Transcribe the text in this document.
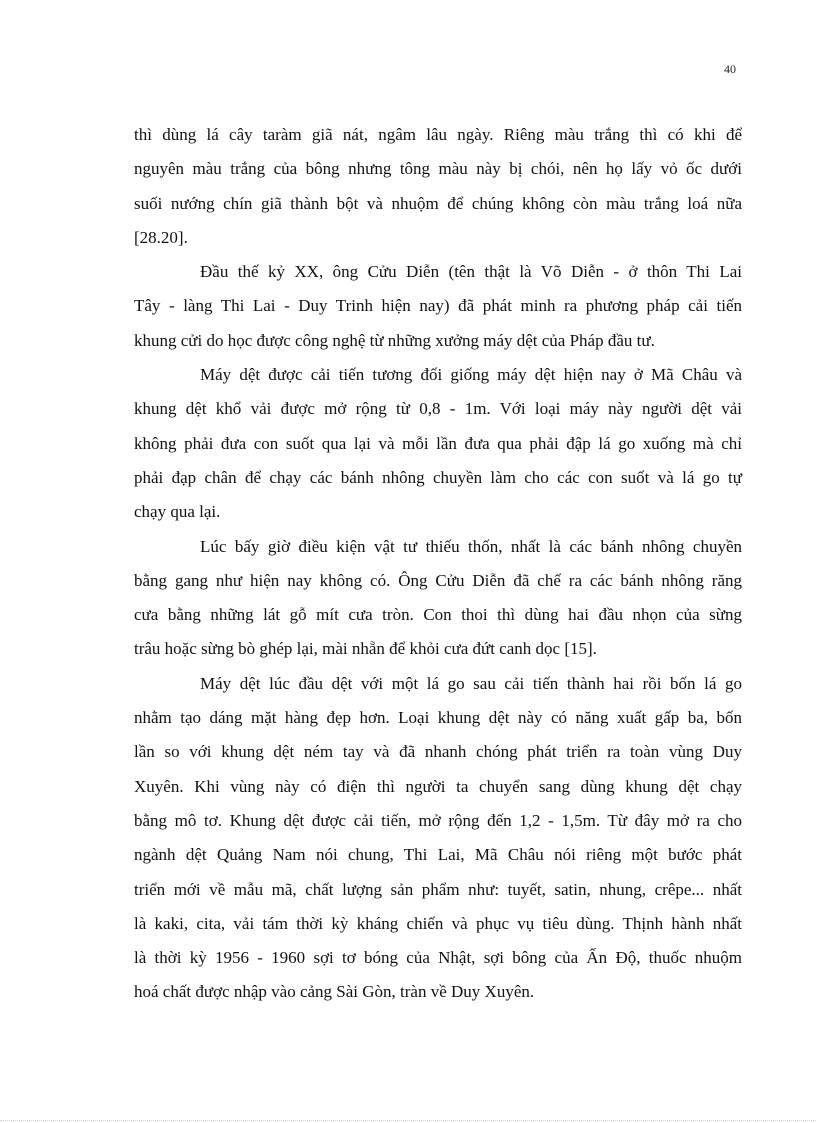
40
thì dùng lá cây taràm giã nát, ngâm lâu ngày. Riêng màu trắng thì có khi để
nguyên màu trắng của bông nhưng tông màu này bị chói, nên họ lấy vỏ ốc dưới
suối nướng chín giã thành bột và nhuộm để chúng không còn màu trắng loá nữa
[28.20].
Đầu thế kỷ XX, ông Cửu Diễn (tên thật là Võ Diễn - ở thôn Thi Lai
Tây - làng Thi Lai - Duy Trinh hiện nay) đã phát minh ra phương pháp cải tiến
khung cửi do học được công nghệ từ những xưởng máy dệt của Pháp đầu tư.
Máy dệt được cải tiến tương đối giống máy dệt hiện nay ở Mã Châu và
khung dệt khổ vải được mở rộng từ 0,8 - 1m. Với loại máy này người dệt vải
không phải đưa con suốt qua lại và mỗi lần đưa qua phải đập lá go xuống mà chỉ
phải đạp chân để chạy các bánh nhông chuyền làm cho các con suốt và lá go tự
chạy qua lại.
Lúc bấy giờ điều kiện vật tư thiếu thốn, nhất là các bánh nhông chuyền
bằng gang như hiện nay không có. Ông Cửu Diễn đã chế ra các bánh nhông răng
cưa bằng những lát gỗ mít cưa tròn. Con thoi thì dùng hai đầu nhọn của sừng
trâu hoặc sừng bò ghép lại, mài nhẵn để khỏi cưa đứt canh dọc [15].
Máy dệt lúc đầu dệt với một lá go sau cải tiến thành hai rồi bốn lá go
nhằm tạo dáng mặt hàng đẹp hơn. Loại khung dệt này có năng xuất gấp ba, bốn
lần so với khung dệt ném tay và đã nhanh chóng phát triển ra toàn vùng Duy
Xuyên. Khi vùng này có điện thì người ta chuyển sang dùng khung dệt chạy
bằng mô tơ. Khung dệt được cải tiến, mở rộng đến 1,2 - 1,5m. Từ đây mở ra cho
ngành dệt Quảng Nam nói chung, Thi Lai, Mã Châu nói riêng một bước phát
triển mới về mẫu mã, chất lượng sản phẩm như: tuyết, satin, nhung, crêpe... nhất
là kaki, cita, vải tám thời kỳ kháng chiến và phục vụ tiêu dùng. Thịnh hành nhất
là thời kỳ 1956 - 1960 sợi tơ bóng của Nhật, sợi bông của Ấn Độ, thuốc nhuộm
hoá chất được nhập vào cảng Sài Gòn, tràn về Duy Xuyên.
